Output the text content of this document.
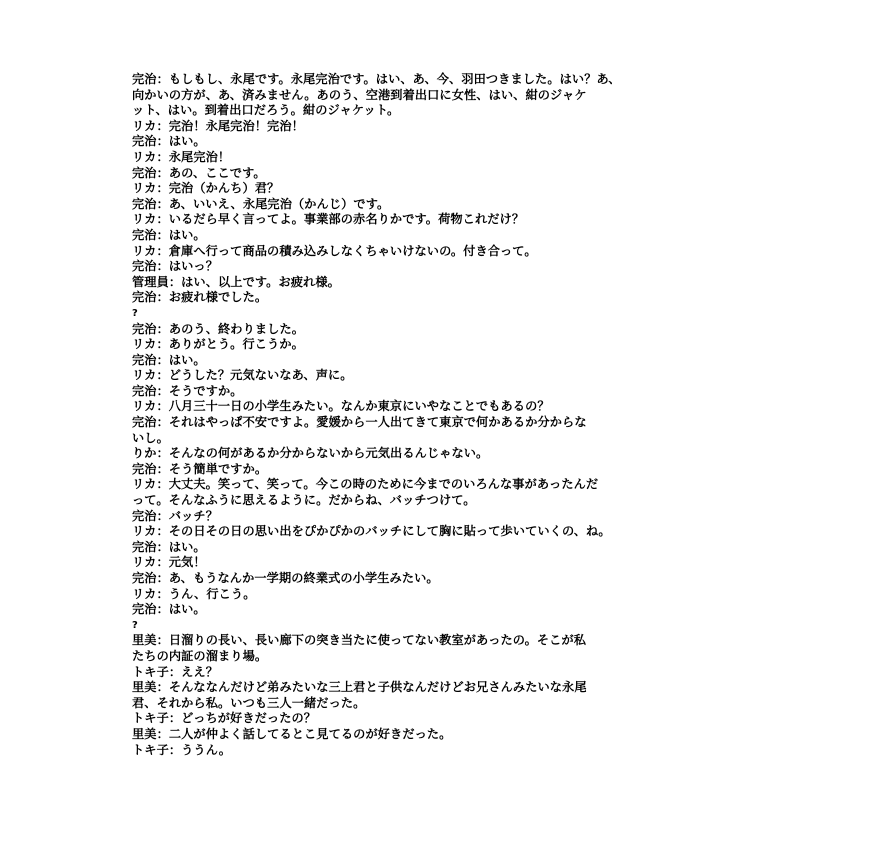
完治：もしもし、永尾です。永尾完治です。はい、あ、今、羽田つきました。はい？あ、
向かいの方が、あ、済みません。あのう、空港到着出口に女性、はい、紺のジャケ
ット、はい。到着出口だろう。紺のジャケット。
リカ：完治！永尾完治！完治！
完治：はい。
リカ：永尾完治！
完治：あの、ここです。
リカ：完治（かんち）君？
完治：あ、いいえ、永尾完治（かんじ）です。
リカ：いるだら早く言ってよ。事業部の赤名りかです。荷物これだけ？
完治：はい。
リカ：倉庫へ行って商品の積み込みしなくちゃいけないの。付き合って。
完治：はいっ？
管理員：はい、以上です。お疲れ様。
完治：お疲れ様でした。
?
完治：あのう、終わりました。
リカ：ありがとう。行こうか。
完治：はい。
リカ：どうした？元気ないなあ、声に。
完治：そうですか。
リカ：八月三十一日の小学生みたい。なんか東京にいやなことでもあるの？
完治：それはやっぱ不安ですよ。愛媛から一人出てきて東京で何かあるか分からな
いし。
りか：そんなの何があるか分からないから元気出るんじゃない。
完治：そう簡単ですか。
リカ：大丈夫。笑って、笑って。今この時のために今までのいろんな事があったんだ
って。そんなふうに思えるように。だからね、バッチつけて。
完治：バッチ？
リカ：その日その日の思い出をぴかぴかのバッチにして胸に貼って歩いていくの、ね。
完治：はい。
リカ：元気！
完治：あ、もうなんか一学期の終業式の小学生みたい。
リカ：うん、行こう。
完治：はい。
?
里美：日溜りの長い、長い廊下の突き当たに使ってない教室があったの。そこが私
たちの内証の溜まり場。
トキ子：ええ？
里美：そんななんだけど弟みたいな三上君と子供なんだけどお兄さんみたいな永尾
君、それから私。いつも三人一緒だった。
トキ子：どっちが好きだったの？
里美：二人が仲よく話してるとこ見てるのが好きだった。
トキ子：ううん。
